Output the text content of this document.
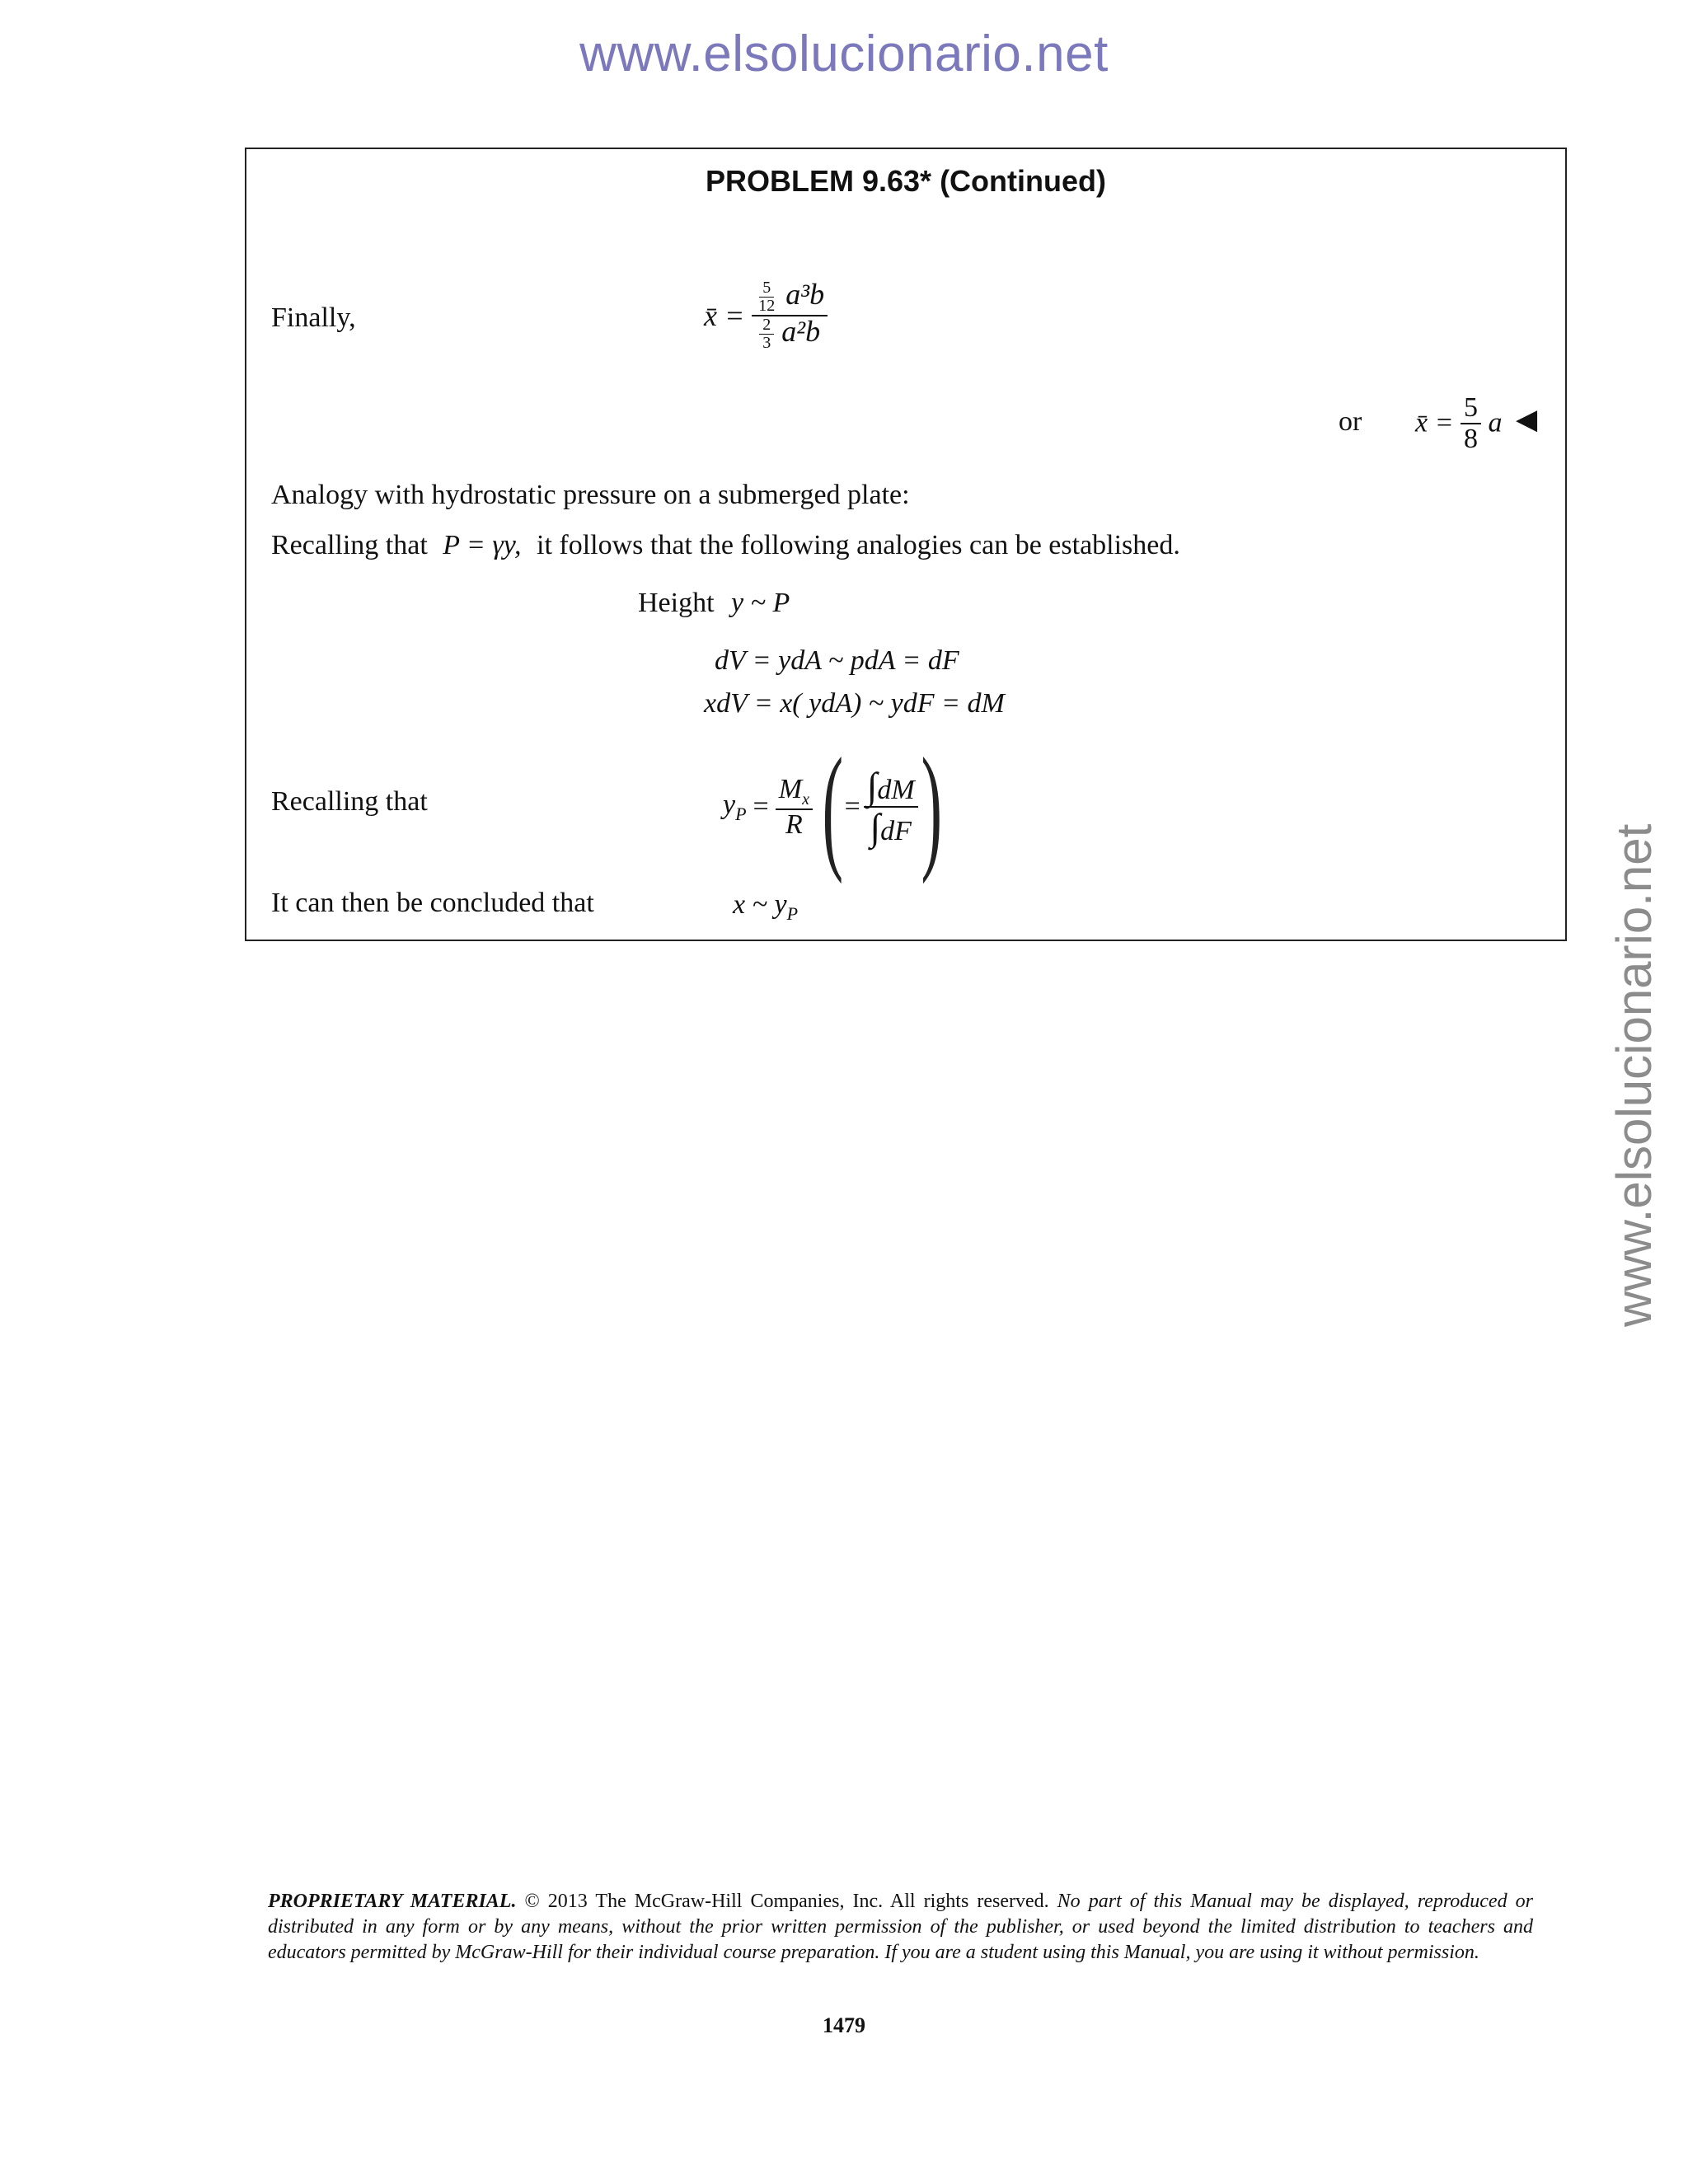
www.elsolucionario.net
www.elsolucionario.net
PROBLEM 9.63* (Continued)
Finally,	x̄ = $\frac{\frac{5}{12} a^3b}{\frac{2}{3} a^2b}$
or x̄ = $\frac{5}{8}$ a ◀
Analogy with hydrostatic pressure on a submerged plate:
Recalling that P = γy, it follows that the following analogies can be established.
Height y ~ P
dV = ydA ~ pdA = dF
xdV = x( ydA) ~ ydF = dM
Recalling that	$y_P = \frac{M_x}{R}$ ( = $\frac{\int dM}{\int dF}$ )
It can then be concluded that	x ~ $y_P$
PROPRIETARY MATERIAL. © 2013 The McGraw-Hill Companies, Inc. All rights reserved. No part of this Manual may be displayed, reproduced or distributed in any form or by any means, without the prior written permission of the publisher, or used beyond the limited distribution to teachers and educators permitted by McGraw-Hill for their individual course preparation. If you are a student using this Manual, you are using it without permission.
1479
